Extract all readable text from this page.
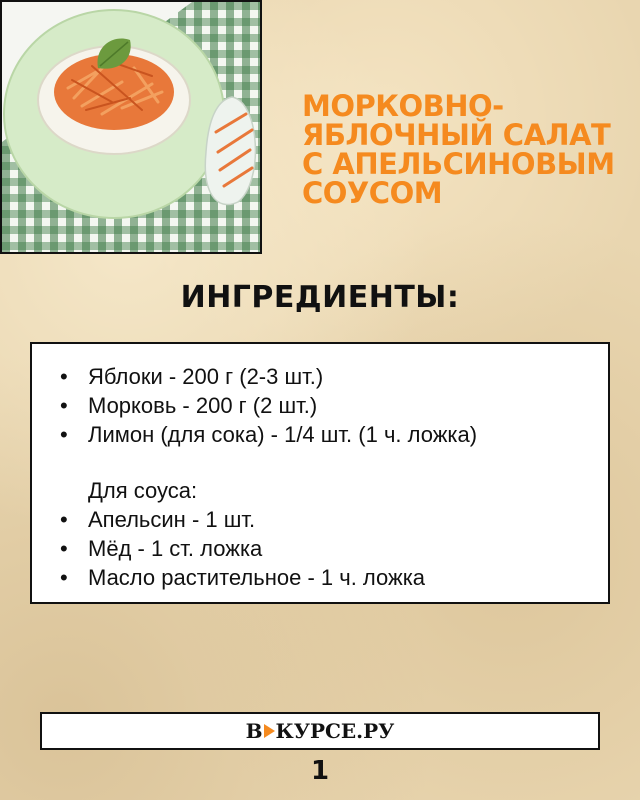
МОРКОВНО-
ЯБЛОЧНЫЙ САЛАТ
С АПЕЛЬСИНОВЫМ
СОУСОМ
ИНГРЕДИЕНТЫ:
• Яблоки - 200 г (2-3 шт.)
• Морковь - 200 г (2 шт.)
• Лимон (для сока) - 1/4 шт. (1 ч. ложка)
Для соуса:
• Апельсин - 1 шт.
• Мёд - 1 ст. ложка
• Масло растительное - 1 ч. ложка
В КУРСЕ.РУ
1
